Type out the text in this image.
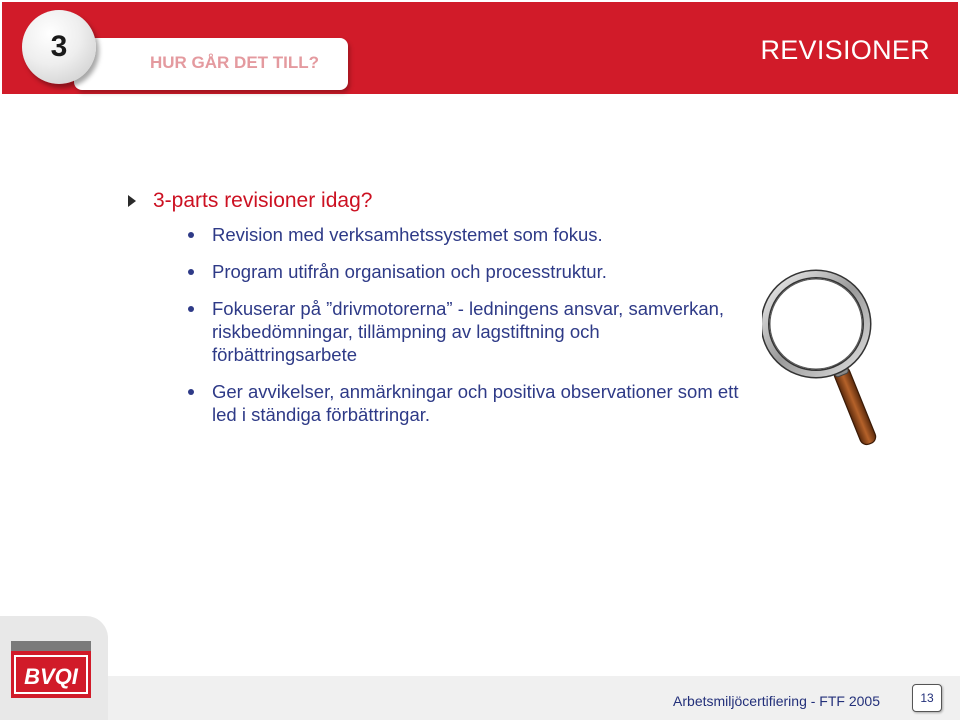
REVISIONER
3	HUR GÅR DET TILL?
3-parts revisioner idag?
Revision med verksamhetssystemet som fokus.
Program utifrån organisation och processtruktur.
Fokuserar på ”drivmotorerna” - ledningens ansvar, samverkan, riskbedömningar, tillämpning av lagstiftning och förbättringsarbete
Ger avvikelser, anmärkningar och positiva observationer som ett led i ständiga förbättringar.
BVQI
Arbetsmiljöcertifiering - FTF 2005	13
